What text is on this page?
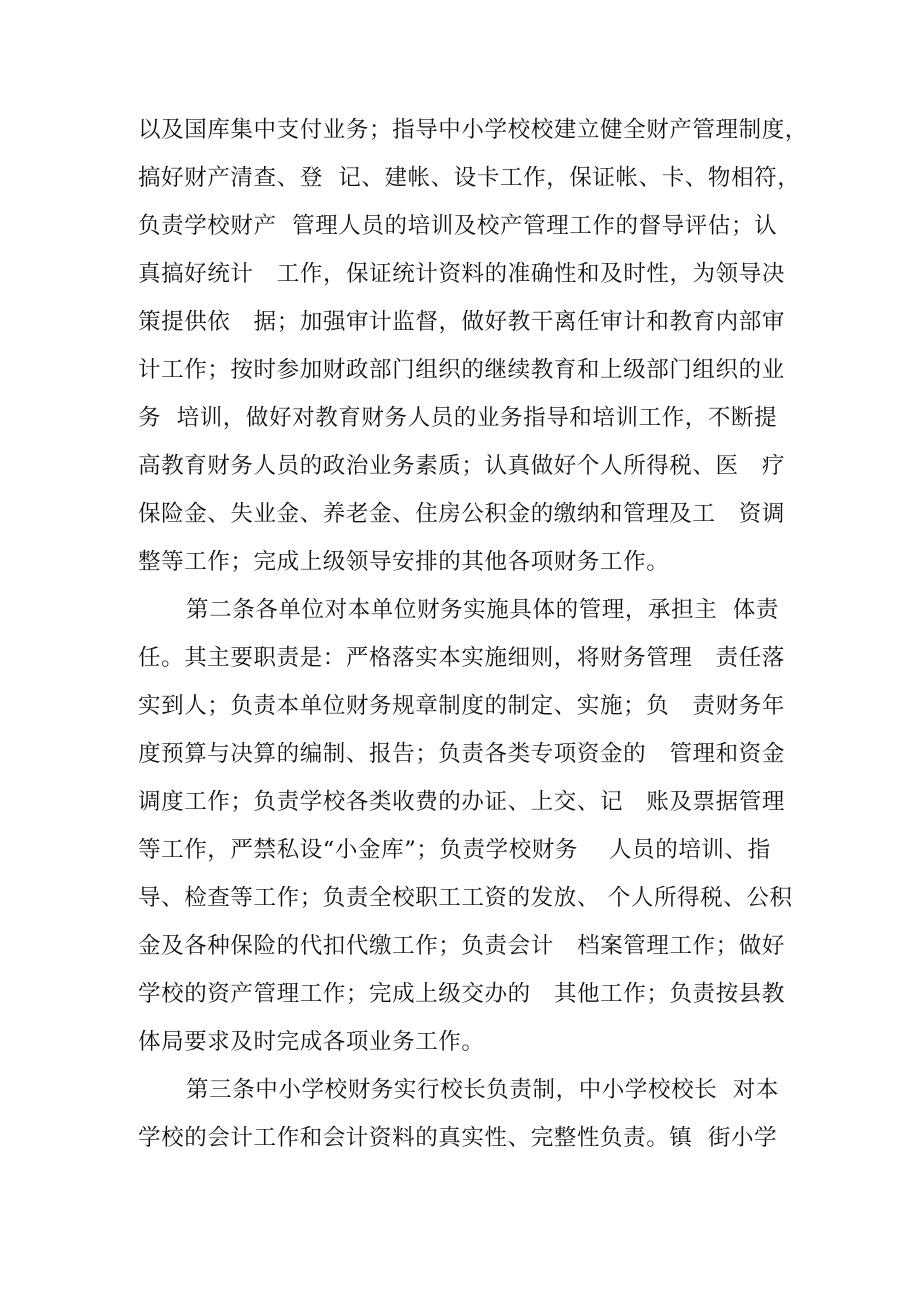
以及国库集中支付业务；指导中小学校校建立健全财产管理制度，
搞好财产清查、登  记、建帐、设卡工作，保证帐、卡、物相符，
负责学校财产  管理人员的培训及校产管理工作的督导评估；认
真搞好统计   工作，保证统计资料的准确性和及时性，为领导决
策提供依   据；加强审计监督，做好教干离任审计和教育内部审
计工作；按时参加财政部门组织的继续教育和上级部门组织的业
务  培训，做好对教育财务人员的业务指导和培训工作，不断提
高教育财务人员的政治业务素质；认真做好个人所得税、医   疗
保险金、失业金、养老金、住房公积金的缴纳和管理及工   资调
整等工作；完成上级领导安排的其他各项财务工作。
第二条各单位对本单位财务实施具体的管理，承担主  体责
任。其主要职责是：严格落实本实施细则，将财务管理   责任落
实到人；负责本单位财务规章制度的制定、实施；负   责财务年
度预算与决算的编制、报告；负责各类专项资金的   管理和资金
调度工作；负责学校各类收费的办证、上交、记   账及票据管理
等工作，严禁私设“小金库”；负责学校财务    人员的培训、指
导、检查等工作；负责全校职工工资的发放、 个人所得税、公积
金及各种保险的代扣代缴工作；负责会计   档案管理工作；做好
学校的资产管理工作；完成上级交办的   其他工作；负责按县教
体局要求及时完成各项业务工作。
第三条中小学校财务实行校长负责制，中小学校校长  对本
学校的会计工作和会计资料的真实性、完整性负责。镇  街小学
